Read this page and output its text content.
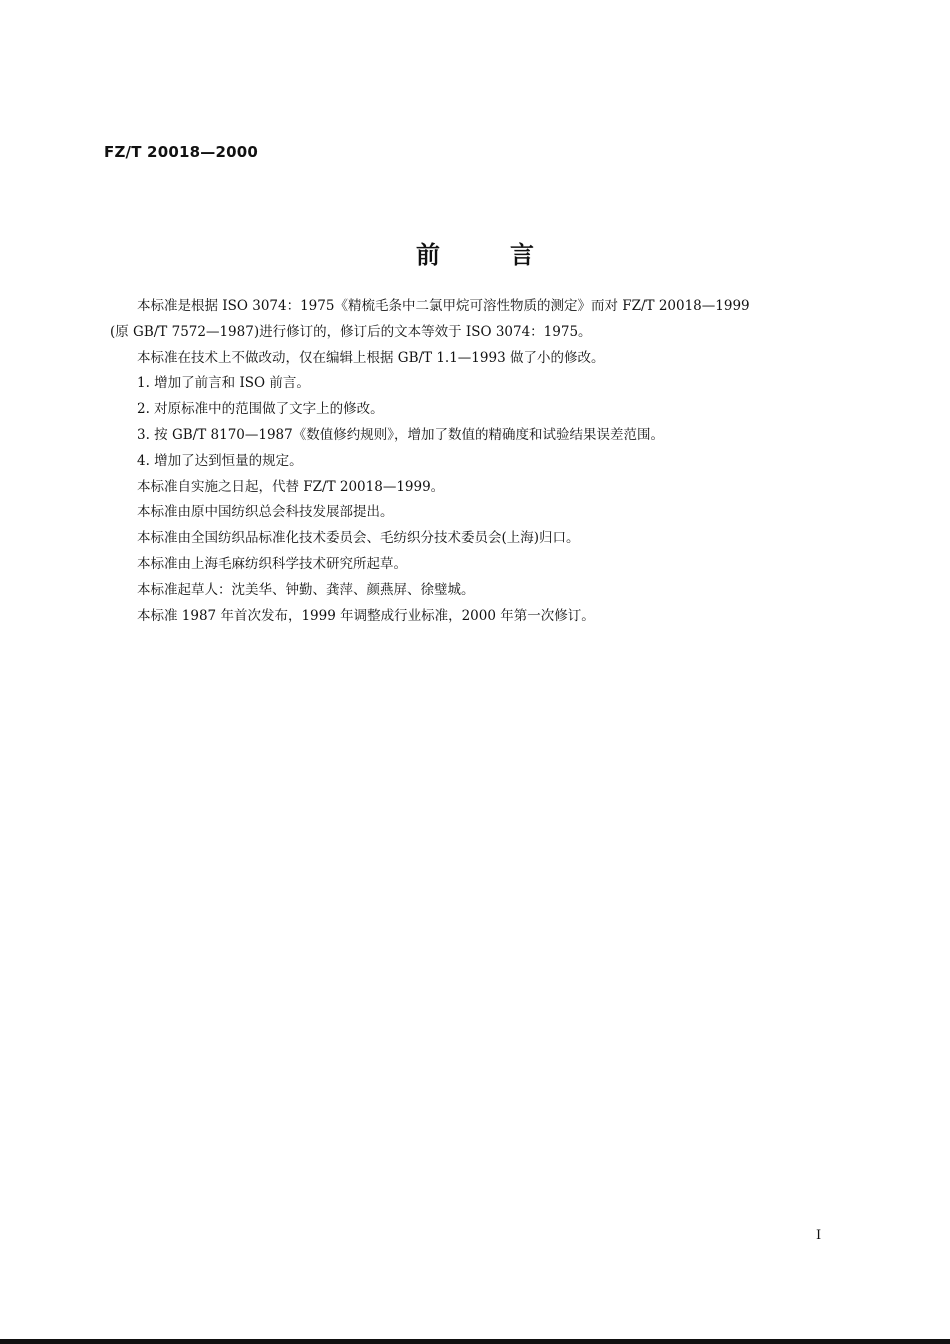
FZ/T 20018—2000
前言
本标准是根据 ISO 3074：1975《精梳毛条中二氯甲烷可溶性物质的测定》而对 FZ/T 20018—1999
(原 GB/T 7572—1987)进行修订的，修订后的文本等效于 ISO 3074：1975。
本标准在技术上不做改动，仅在编辑上根据 GB/T 1.1—1993 做了小的修改。
1. 增加了前言和 ISO 前言。
2. 对原标准中的范围做了文字上的修改。
3. 按 GB/T 8170—1987《数值修约规则》，增加了数值的精确度和试验结果误差范围。
4. 增加了达到恒量的规定。
本标准自实施之日起，代替 FZ/T 20018—1999。
本标准由原中国纺织总会科技发展部提出。
本标准由全国纺织品标准化技术委员会、毛纺织分技术委员会(上海)归口。
本标准由上海毛麻纺织科学技术研究所起草。
本标准起草人：沈美华、钟勤、龚萍、颜燕屏、徐璧城。
本标准 1987 年首次发布，1999 年调整成行业标准，2000 年第一次修订。
I
